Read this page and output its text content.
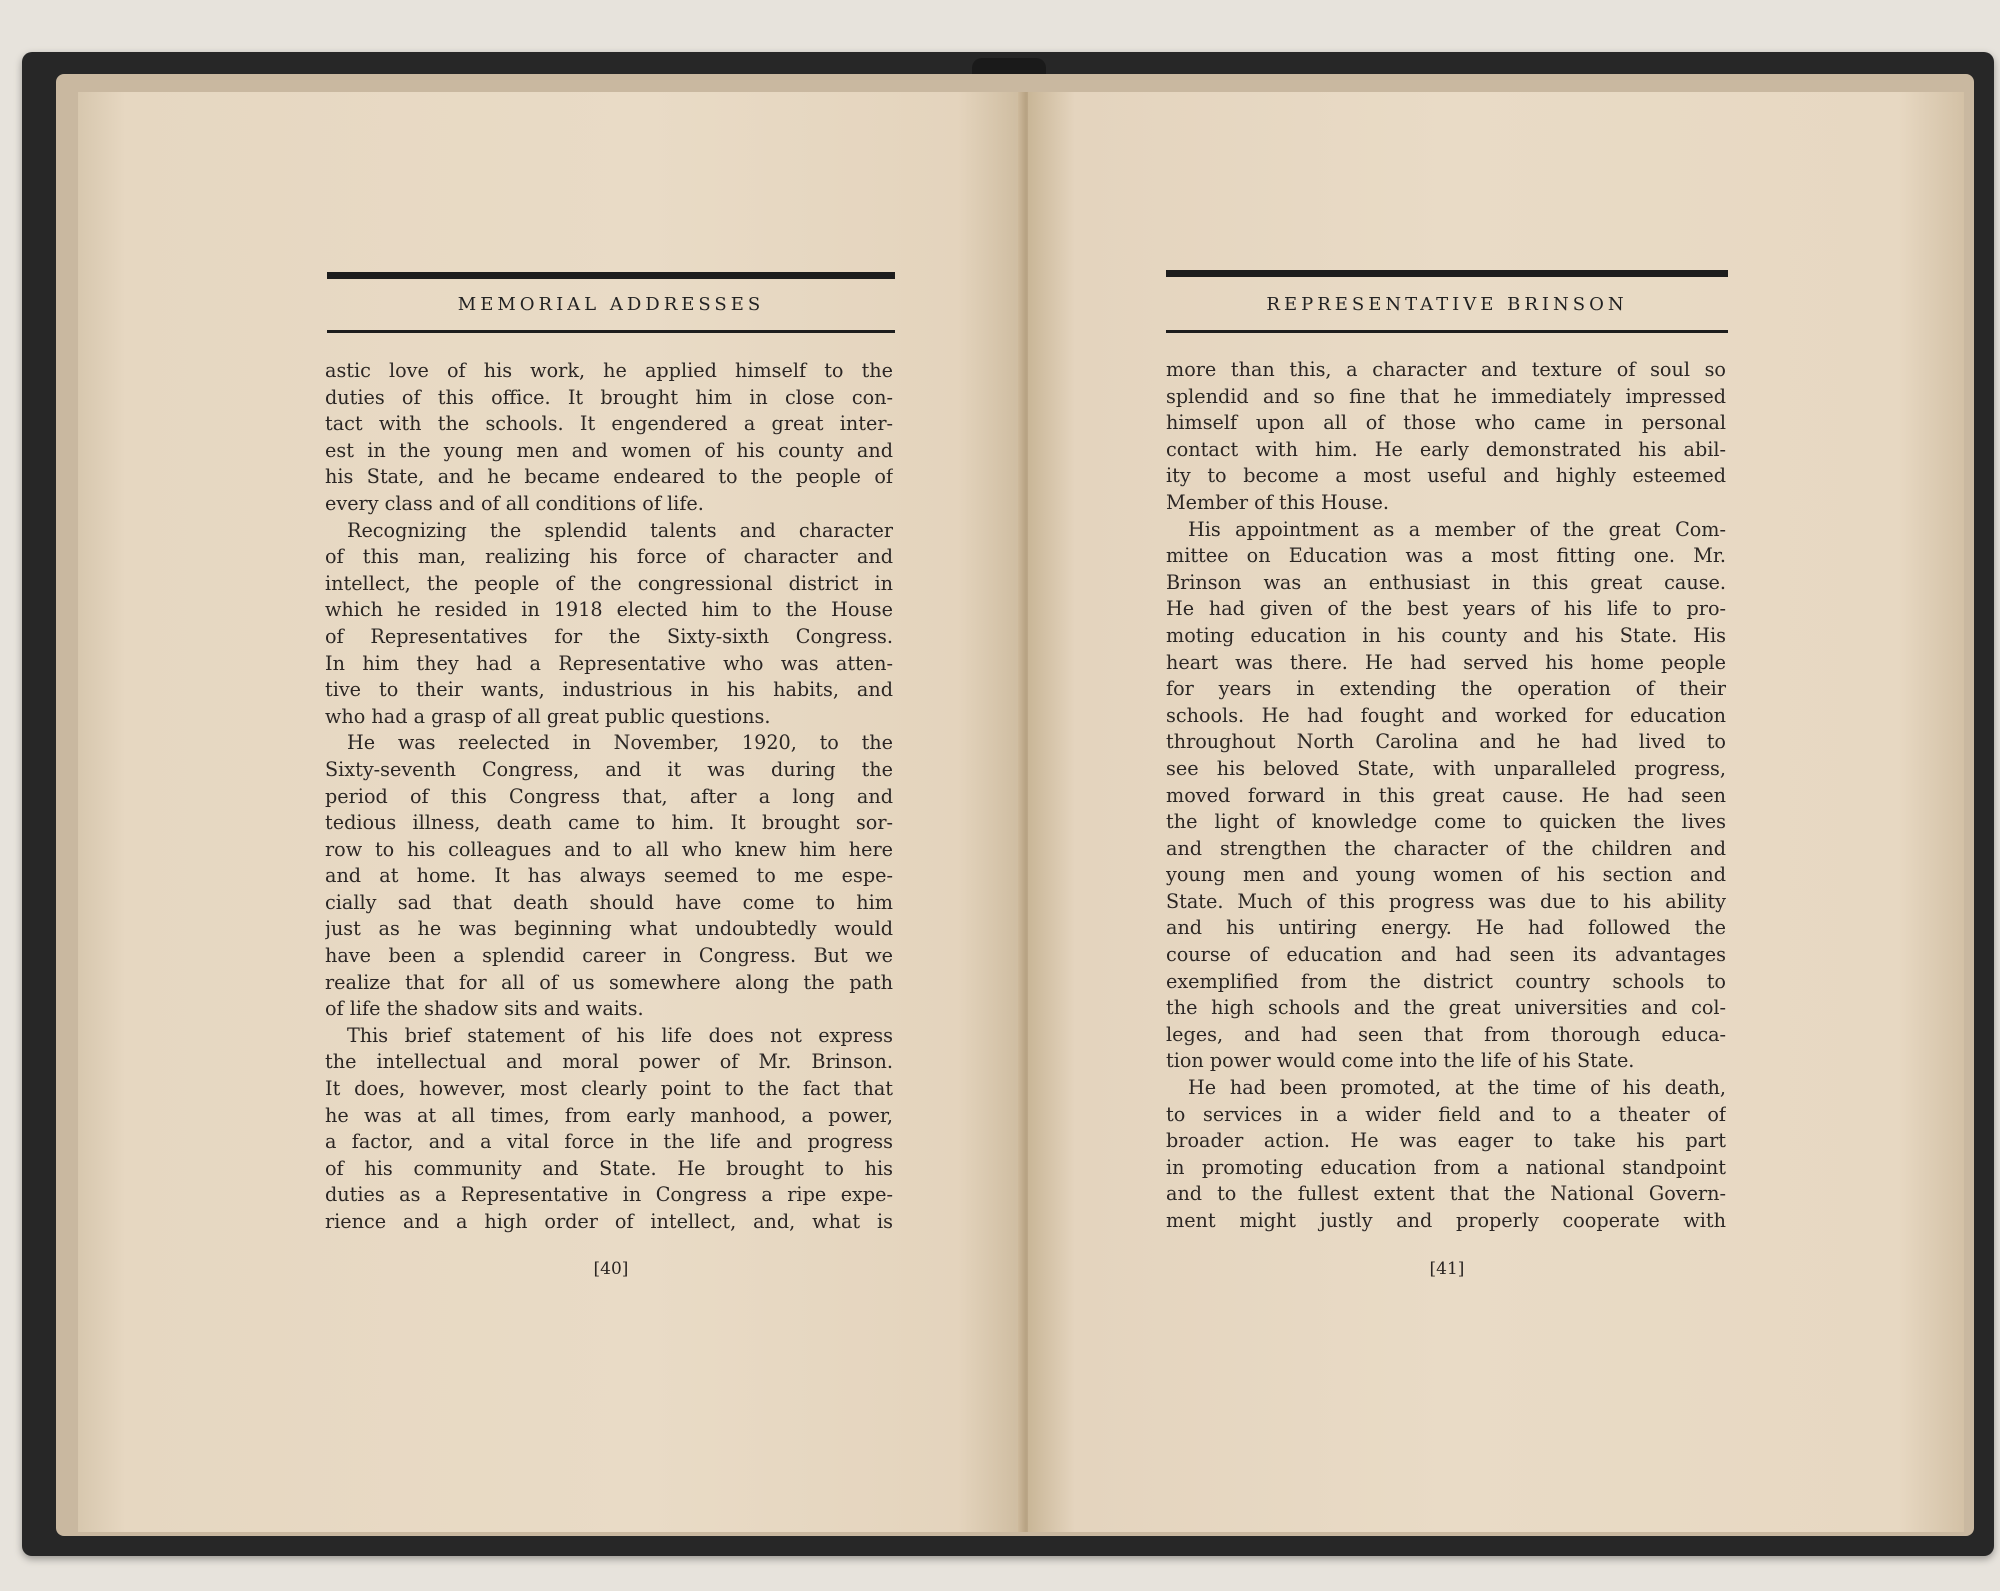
MEMORIAL ADDRESSES
astic love of his work, he applied himself to the
duties of this office. It brought him in close con-
tact with the schools. It engendered a great inter-
est in the young men and women of his county and
his State, and he became endeared to the people of
every class and of all conditions of life.
Recognizing the splendid talents and character
of this man, realizing his force of character and
intellect, the people of the congressional district in
which he resided in 1918 elected him to the House
of Representatives for the Sixty-sixth Congress.
In him they had a Representative who was atten-
tive to their wants, industrious in his habits, and
who had a grasp of all great public questions.
He was reelected in November, 1920, to the
Sixty-seventh Congress, and it was during the
period of this Congress that, after a long and
tedious illness, death came to him. It brought sor-
row to his colleagues and to all who knew him here
and at home. It has always seemed to me espe-
cially sad that death should have come to him
just as he was beginning what undoubtedly would
have been a splendid career in Congress. But we
realize that for all of us somewhere along the path
of life the shadow sits and waits.
This brief statement of his life does not express
the intellectual and moral power of Mr. Brinson.
It does, however, most clearly point to the fact that
he was at all times, from early manhood, a power,
a factor, and a vital force in the life and progress
of his community and State. He brought to his
duties as a Representative in Congress a ripe expe-
rience and a high order of intellect, and, what is
[40]
REPRESENTATIVE BRINSON
more than this, a character and texture of soul so
splendid and so fine that he immediately impressed
himself upon all of those who came in personal
contact with him. He early demonstrated his abil-
ity to become a most useful and highly esteemed
Member of this House.
His appointment as a member of the great Com-
mittee on Education was a most fitting one. Mr.
Brinson was an enthusiast in this great cause.
He had given of the best years of his life to pro-
moting education in his county and his State. His
heart was there. He had served his home people
for years in extending the operation of their
schools. He had fought and worked for education
throughout North Carolina and he had lived to
see his beloved State, with unparalleled progress,
moved forward in this great cause. He had seen
the light of knowledge come to quicken the lives
and strengthen the character of the children and
young men and young women of his section and
State. Much of this progress was due to his ability
and his untiring energy. He had followed the
course of education and had seen its advantages
exemplified from the district country schools to
the high schools and the great universities and col-
leges, and had seen that from thorough educa-
tion power would come into the life of his State.
He had been promoted, at the time of his death,
to services in a wider field and to a theater of
broader action. He was eager to take his part
in promoting education from a national standpoint
and to the fullest extent that the National Govern-
ment might justly and properly cooperate with
[41]
